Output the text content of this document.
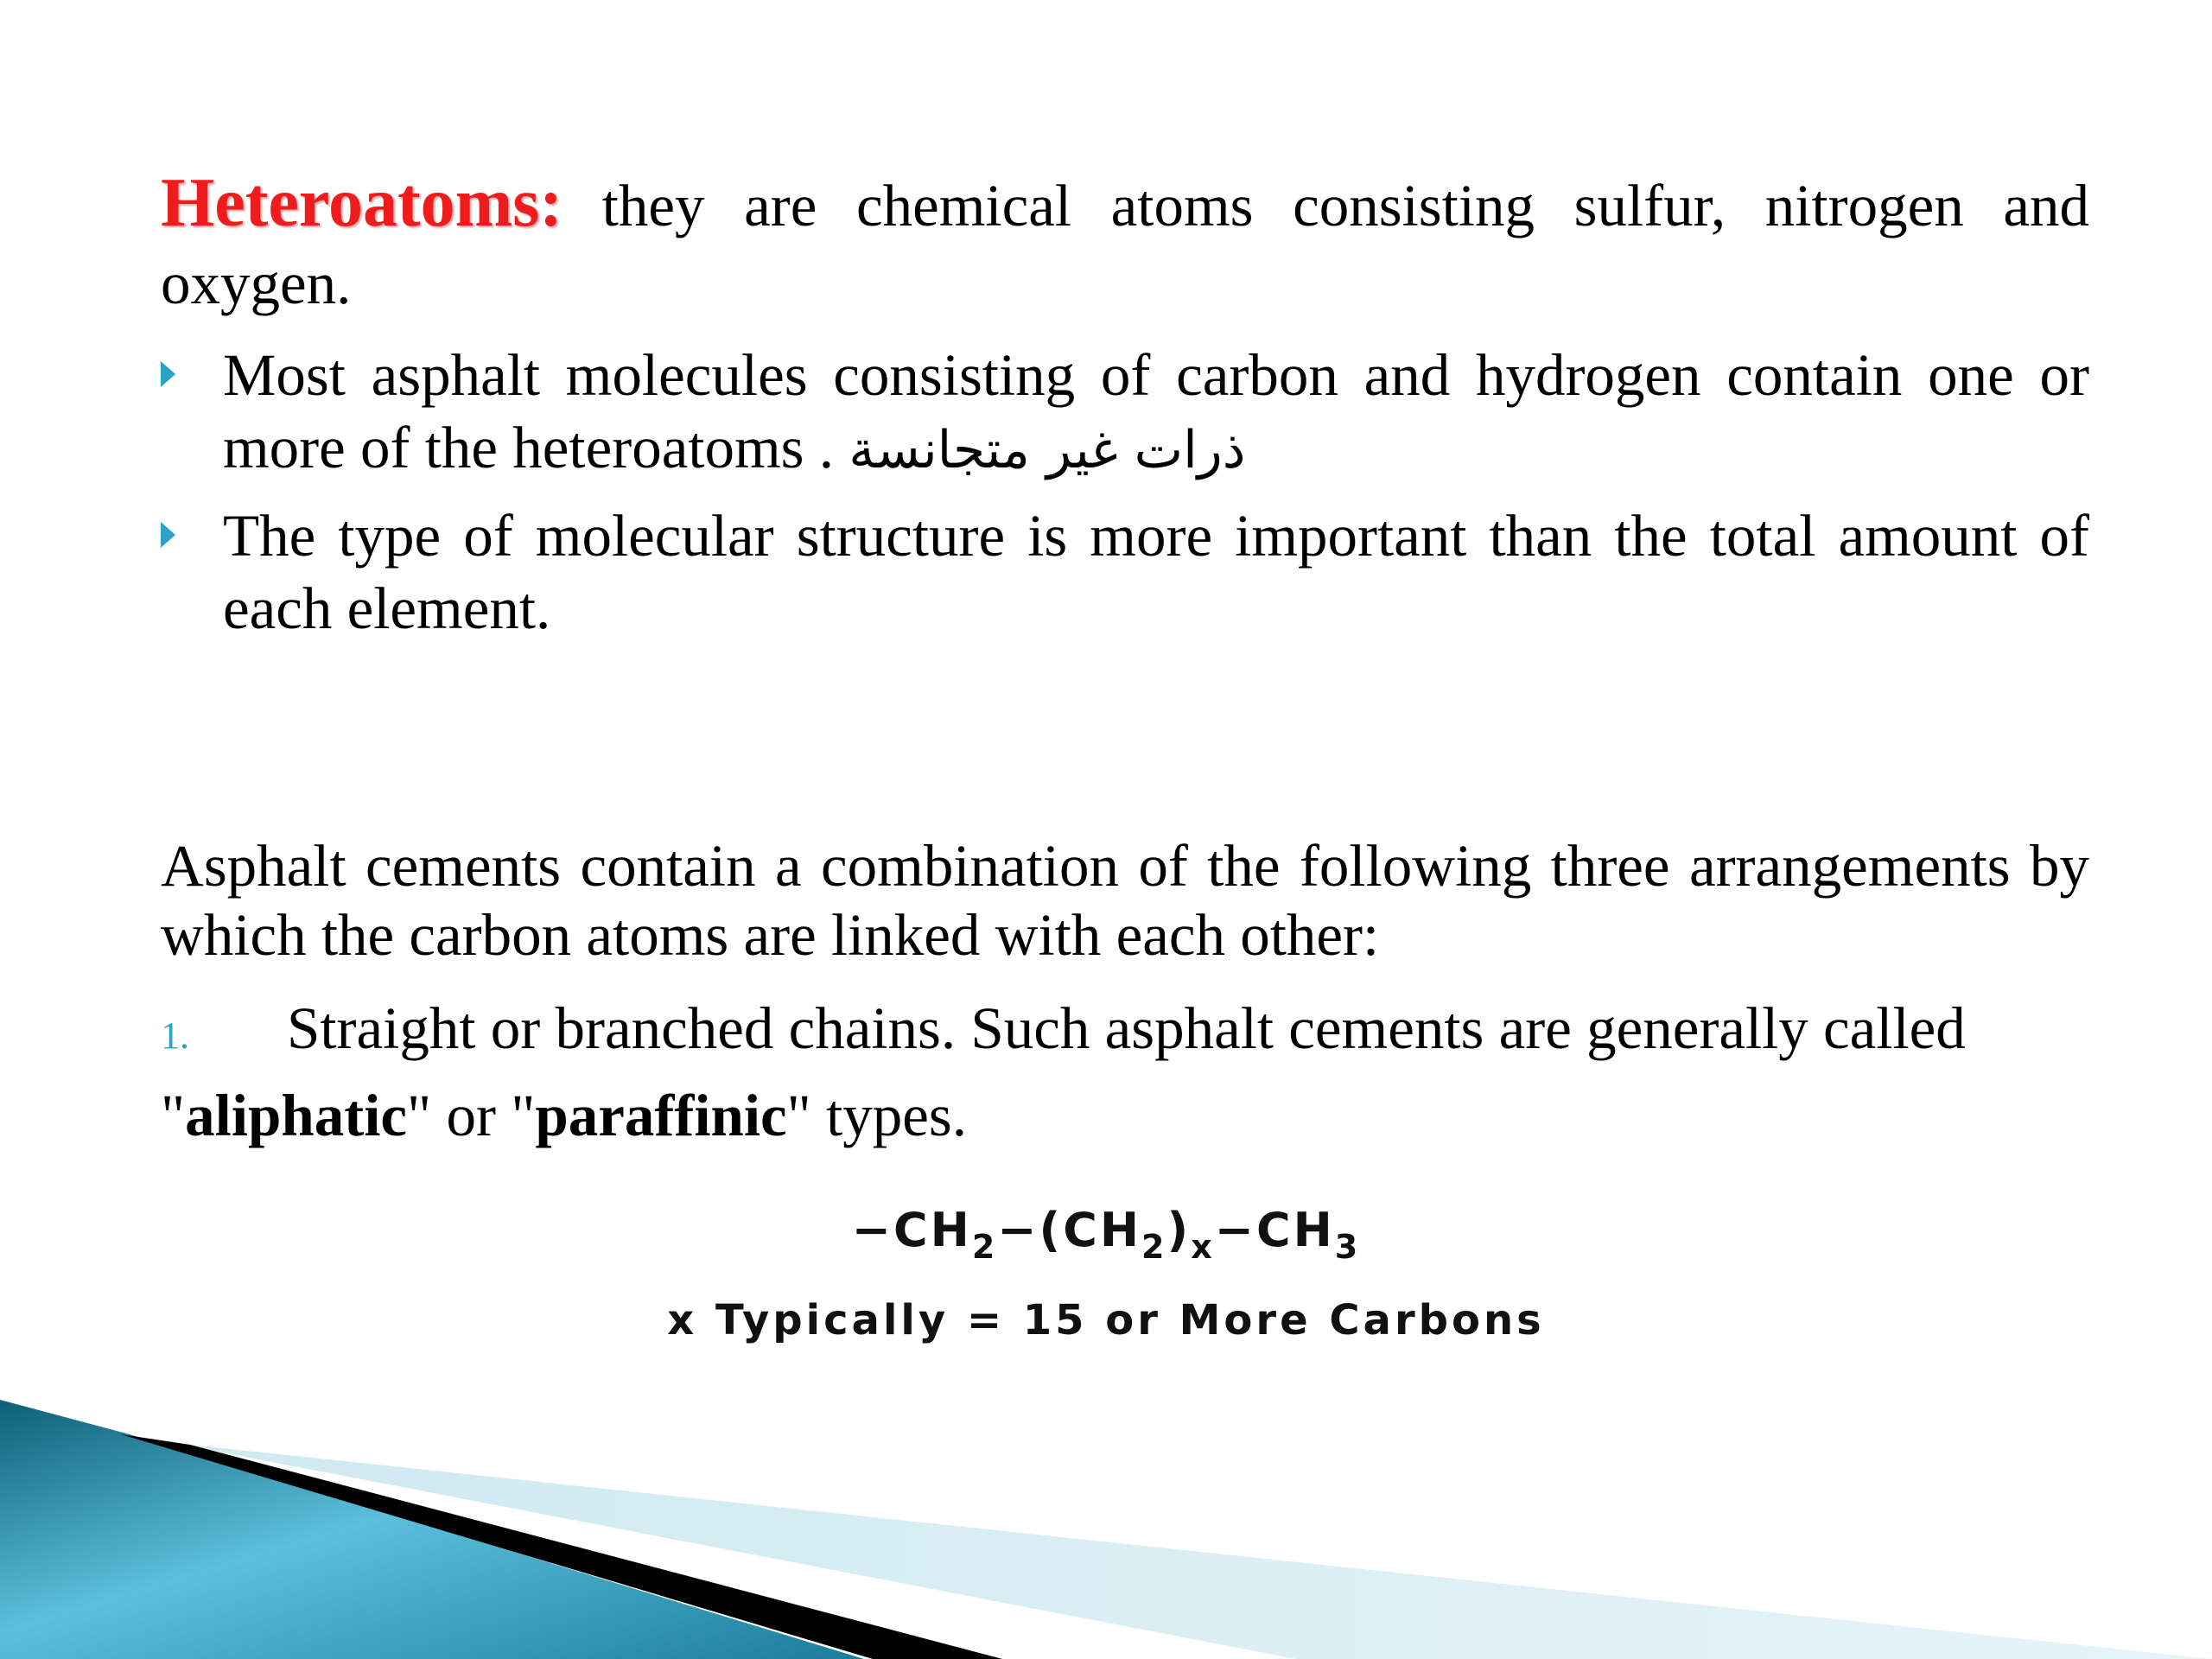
Heteroatoms: they are chemical atoms consisting sulfur, nitrogen and oxygen.
Most asphalt molecules consisting of carbon and hydrogen contain one or more of the heteroatoms . ذرات غير متجانسة
The type of molecular structure is more important than the total amount of each element.
Asphalt cements contain a combination of the following three arrangements by which the carbon atoms are linked with each other:
1. Straight or branched chains. Such asphalt cements are generally called
"aliphatic" or "paraffinic" types.
$-CH_2-(CH_2)_x-CH_3$
x Typically = 15 or More Carbons
